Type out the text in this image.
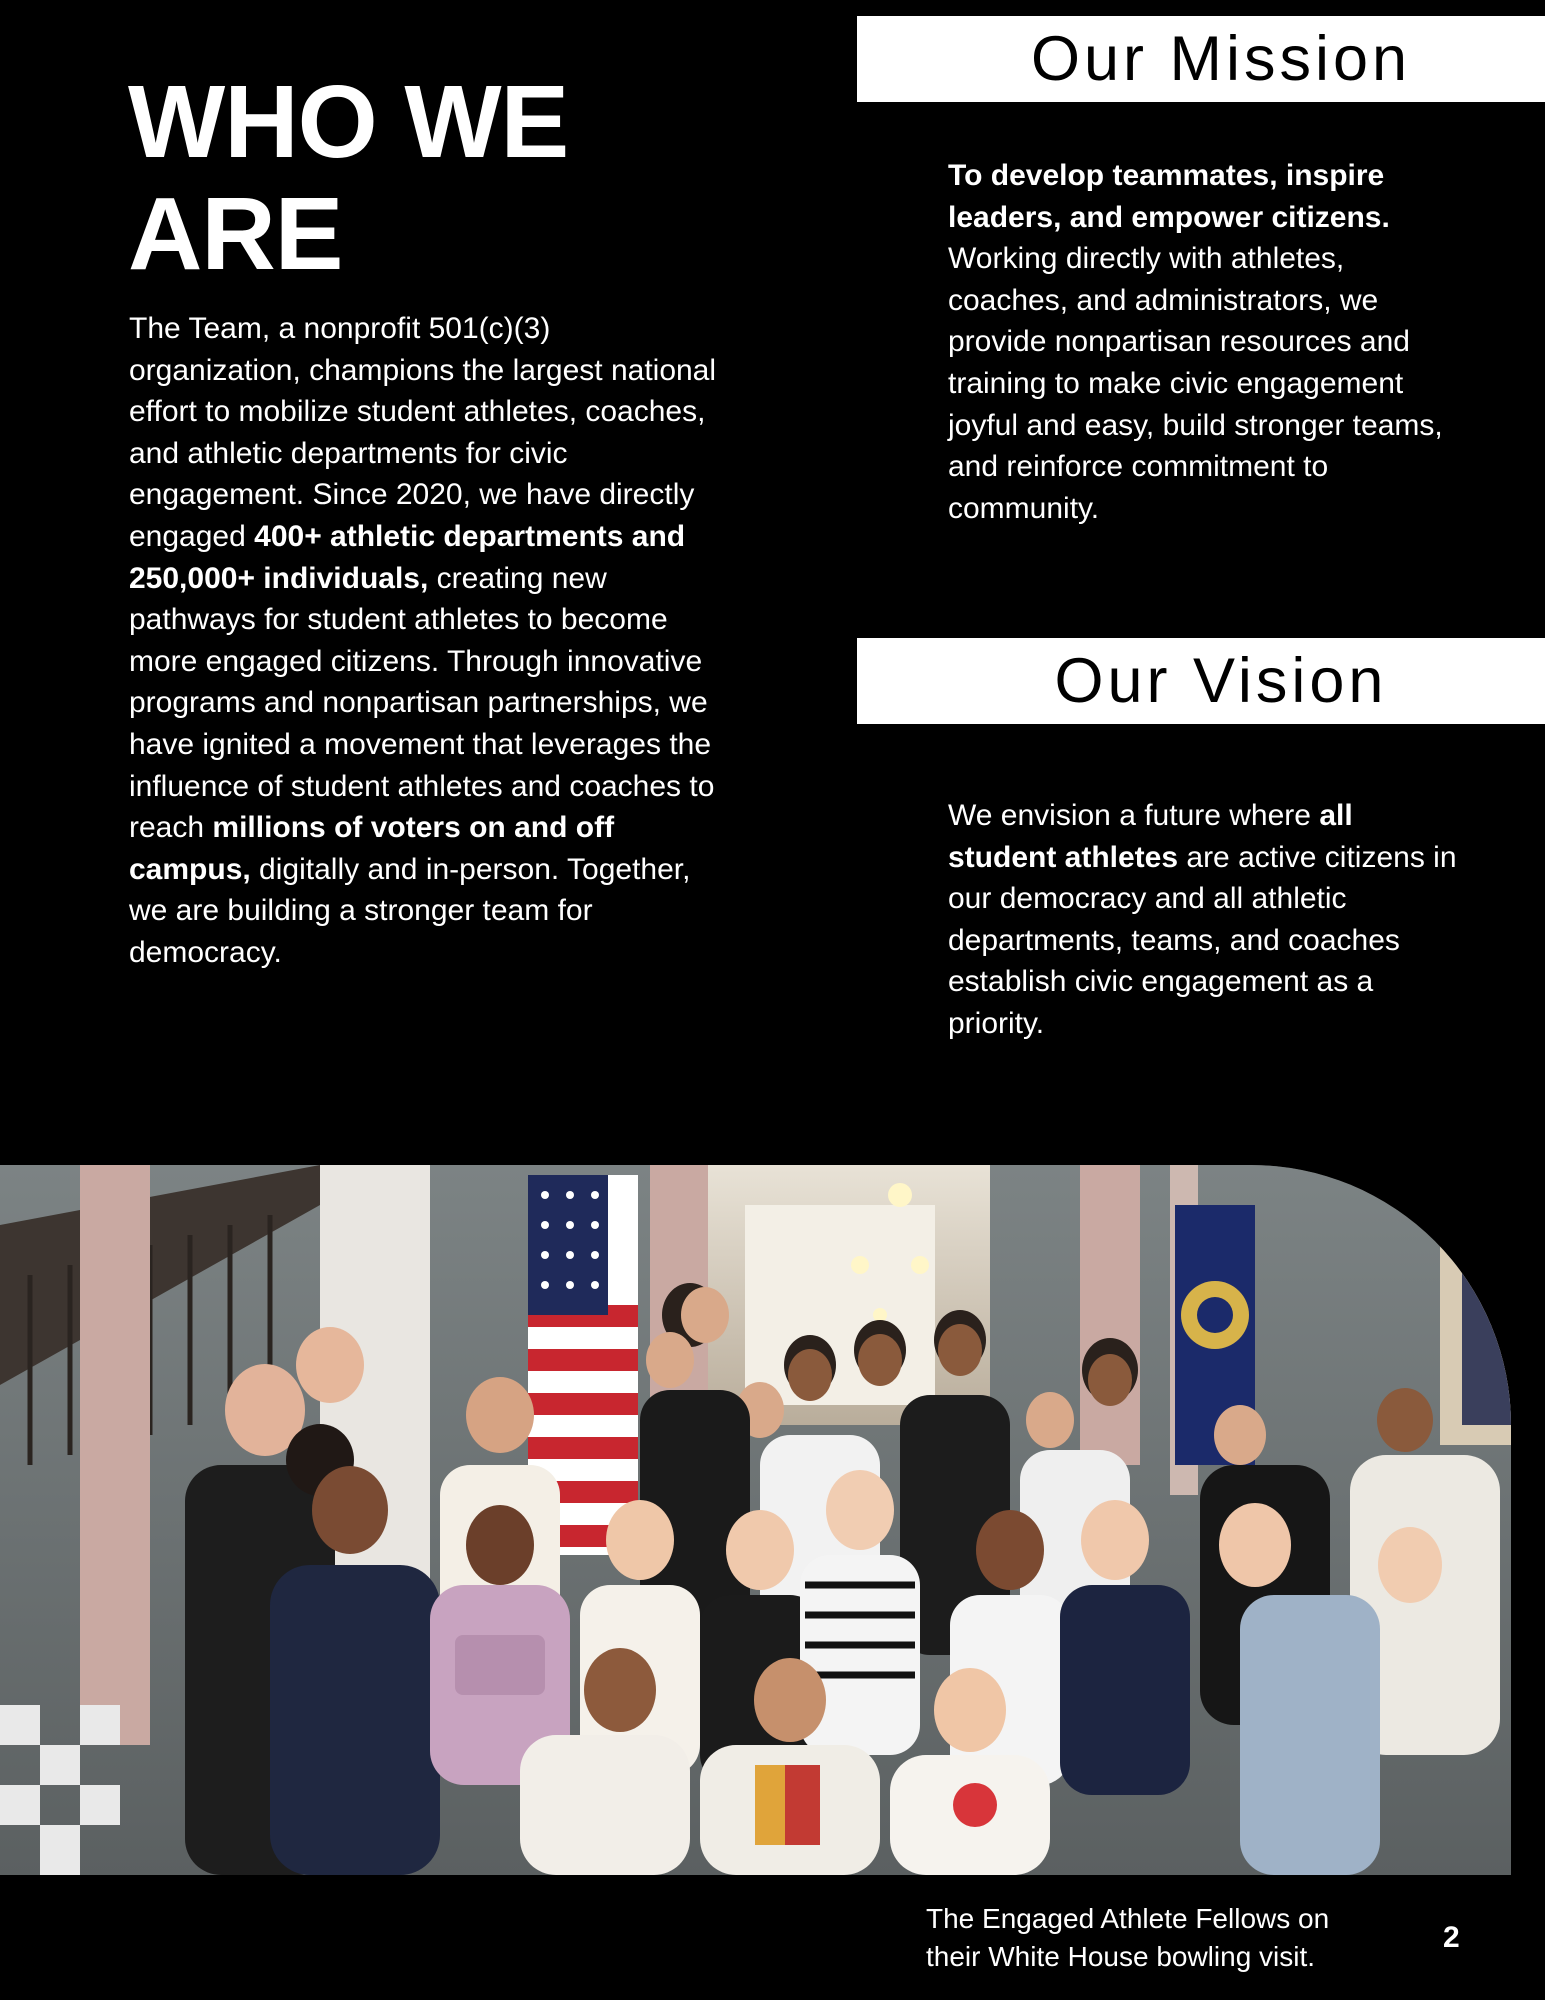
WHO WE ARE
The Team, a nonprofit 501(c)(3) organization, champions the largest national effort to mobilize student athletes, coaches, and athletic departments for civic engagement. Since 2020, we have directly engaged 400+ athletic departments and 250,000+ individuals, creating new pathways for student athletes to become more engaged citizens. Through innovative programs and nonpartisan partnerships, we have ignited a movement that leverages the influence of student athletes and coaches to reach millions of voters on and off campus, digitally and in-person. Together, we are building a stronger team for democracy.
Our Mission
To develop teammates, inspire leaders, and empower citizens. Working directly with athletes, coaches, and administrators, we provide nonpartisan resources and training to make civic engagement joyful and easy, build stronger teams, and reinforce commitment to community.
Our Vision
We envision a future where all student athletes are active citizens in our democracy and all athletic departments, teams, and coaches establish civic engagement as a priority.
The Engaged Athlete Fellows on their White House bowling visit.
2
